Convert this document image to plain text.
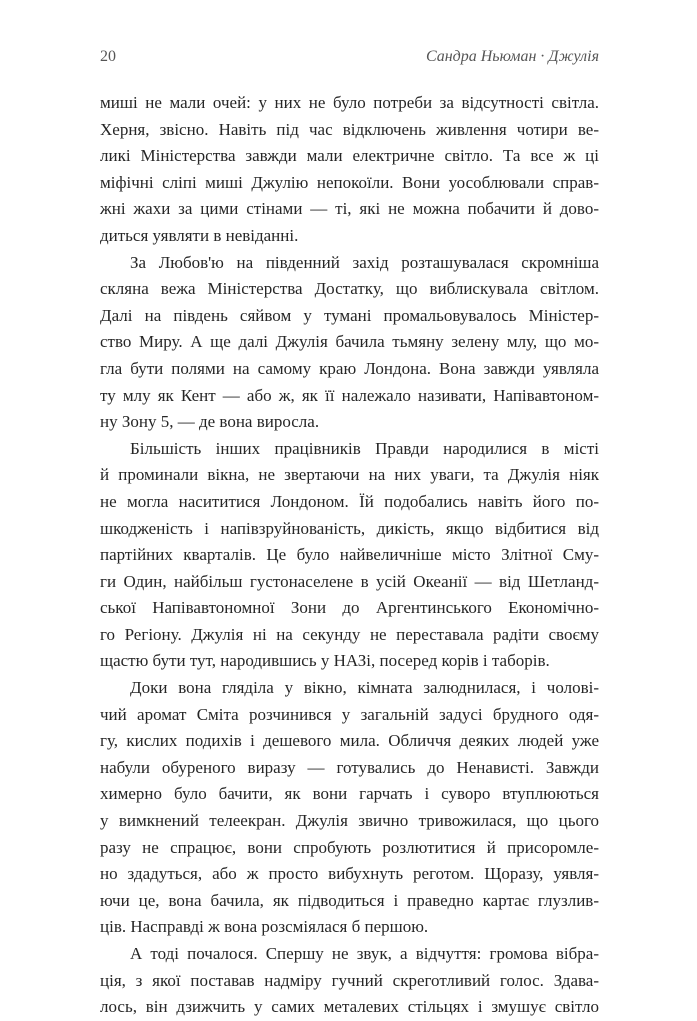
20	Сандра Ньюман · Джулія
миші не мали очей: у них не було потреби за відсутності світла.
Херня, звісно. Навіть під час відключень живлення чотири ве-
ликі Міністерства завжди мали електричне світло. Та все ж ці
міфічні сліпі миші Джулію непокоїли. Вони уособлювали справ-
жні жахи за цими стінами — ті, які не можна побачити й дово-
диться уявляти в невіданні.
За Любов'ю на південний захід розташувалася скромніша
скляна вежа Міністерства Достатку, що виблискувала світлом.
Далі на південь сяйвом у тумані промальовувалось Міністер-
ство Миру. А ще далі Джулія бачила тьмяну зелену млу, що мо-
гла бути полями на самому краю Лондона. Вона завжди уявляла
ту млу як Кент — або ж, як її належало називати, Напівавтоном-
ну Зону 5, — де вона виросла.
Більшість інших працівників Правди народилися в місті
й проминали вікна, не звертаючи на них уваги, та Джулія ніяк
не могла насититися Лондоном. Їй подобались навіть його по-
шкодженість і напівзруйнованість, дикість, якщо відбитися від
партійних кварталів. Це було найвеличніше місто Злітної Сму-
ги Один, найбільш густонаселене в усій Океанії — від Шетланд-
ської Напівавтономної Зони до Аргентинського Економічно-
го Регіону. Джулія ні на секунду не переставала радіти своєму
щастю бути тут, народившись у НАЗі, посеред корів і таборів.
Доки вона гляділа у вікно, кімната залюднилася, і чолові-
чий аромат Сміта розчинився у загальній задусі брудного одя-
гу, кислих подихів і дешевого мила. Обличчя деяких людей уже
набули обуреного виразу — готувались до Ненависті. Завжди
химерно було бачити, як вони гарчать і суворо втуплюються
у вимкнений телеекран. Джулія звично тривожилася, що цього
разу не спрацює, вони спробують розлютитися й присоромле-
но здадуться, або ж просто вибухнуть реготом. Щоразу, уявля-
ючи це, вона бачила, як підводиться і праведно картає глузлив-
ців. Насправді ж вона розсміялася б першою.
А тоді почалося. Спершу не звук, а відчуття: громова вібра-
ція, з якої поставав надміру гучний скреготливий голос. Здава-
лось, він дзижчить у самих металевих стільцях і змушує світло
